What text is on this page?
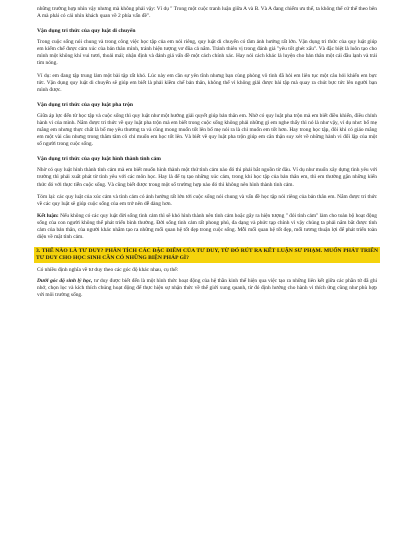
những trường hợp nhìn vậy nhưng mà không phải vậy: Ví dụ " Trong một cuộc tranh luận giữa A và B. Và A đang chiếm ưu thế, ta không thể cứ thế theo bên A mà phải có cái nhìn khách quan về 2 phía vấn đề".

Vận dụng tri thức của quy luật di chuyển

Trong cuộc sống nói chung và trong công việc học tập của em nói riêng, quy luật di chuyển có tầm ảnh hưởng rất lớn. Vận dụng tri thức của quy luật giúp em kiểm chế được cảm xúc của bản thân mình, tránh hiện tượng vơ đũa cả nắm. Tránh thiên vị trong đánh giá "yêu tốt ghét xấu". Và đặc biệt là luôn tạo cho mình một không khí vui tươi, thoải mái; nhận định và đánh giá vấn đề một cách chính xác. Hay nói cách khác là luyện cho bản thân một cái đầu lạnh và trái tim nóng.

Ví dụ: em đang tập trung làm một bài tập rất khó. Lúc này em cần sự yên tĩnh nhưng bạn cùng phòng vô tình đã hỏi em liên tục một câu hỏi khiến em bực tức. Vận dụng quy luật di chuyển sẽ giúp em biết là phải kiềm chế bản thân, không thể vì không giải được bài tập mà quay ra chút bực tức lên người bạn mình được.

Vận dụng tri thức của quy luật pha trộn

Giữa áp lực đến từ học tập và cuộc sống thì quy luật như một hướng giải quyết giúp bản thân em. Nhờ có quy luật pha trộn mà em biết điều khiển, điều chỉnh hành vi của mình. Nắm được tri thức về quy luật pha trộn mà em biết trong cuộc sống không phải những gì em nghe thấy thì nó là như vậy, ví dụ như: bố mẹ mắng em nhưng thực chất là bố mẹ yêu thương ta và cũng mong muốn tốt lên bố mẹ nói ra là chỉ muốn em tốt hơn. Hay trong học tập, đôi khi có giáo mắng em một vài câu nhưng trong thâm tâm cô chỉ muốn em học tốt lên. Và biết về quy luật pha trộn giúp em cân thận suy xét về những hành vi đối lập của một số người trong cuộc sống.

Vận dụng tri thức của quy luật hình thành tình cảm

Nhờ có quy luật hình thành tình cảm mà em biết muốn hình thành một thứ tình cảm nào đó thì phải bắt nguồn từ đâu. Ví dụ như muốn xây dựng tình yêu với trường thì phải xuất phát từ tình yêu với các môn học. Hay là để tụ tạo những xúc cảm, trong khi học tập của bản thân em, thì em thường gặn những kiến thức đó với thực tiễn cuộc sống. Và cũng biết được trong một số trường hợp nào đó thì không nên hình thành tình cảm.

Tóm lại: các quy luật của xúc cảm và tình cảm có ảnh hưởng rất lớn tới cuộc sống nói chung và vấn đề học tập nói riêng của bản thân em. Nắm được tri thức về các quy luật sẽ giúp cuộc sống của em trở nên dễ dàng hơn.

Kết luận: Nếu không có các quy luật đời sống tình cảm thì sẽ khó hình thành nên tình cảm hoặc gây ra hiện tượng " đói tình cảm" làm cho toàn bộ hoạt động sống của con người không thể phát triển bình thường. Đời sống tình cảm rất phong phú, đa dạng và phức tạp chính vì vậy chúng ta phải nắm bắt được tình cảm của bản thân, của người khác nhằm tạo ra những mối quan hệ tốt đẹp trong cuộc sống. Mỗi mối quan hệ tốt đẹp, mối tương thuận lợi để phát triển toàn diện về mặt tình cảm.

3. THẾ NÀO LÀ TƯ DUY? PHÂN TÍCH CÁC ĐẶC ĐIỂM CỦA TƯ DUY, TỪ ĐÓ RÚT RA KẾT LUẬN SƯ PHẠM. MUỐN PHÁT TRIỂN TƯ DUY CHO HỌC SINH CẦN CÓ NHỮNG BIỆN PHÁP GÌ?

Có nhiều định nghĩa về tư duy theo các góc độ khác nhau, cụ thể:

Dưới góc độ sinh lý học, tư duy được biết đến là một hình thức hoạt động của hệ thần kinh thể hiện qua việc tạo ra những liên kết giữa các phần tử đã ghi nhớ, chọn lọc và kích thích chúng hoạt động để thực hiện sự nhận thức về thế giới xung quanh, từ đó định hướng cho hành vi thích ứng cũng như phù hợp với môi trường sống.
